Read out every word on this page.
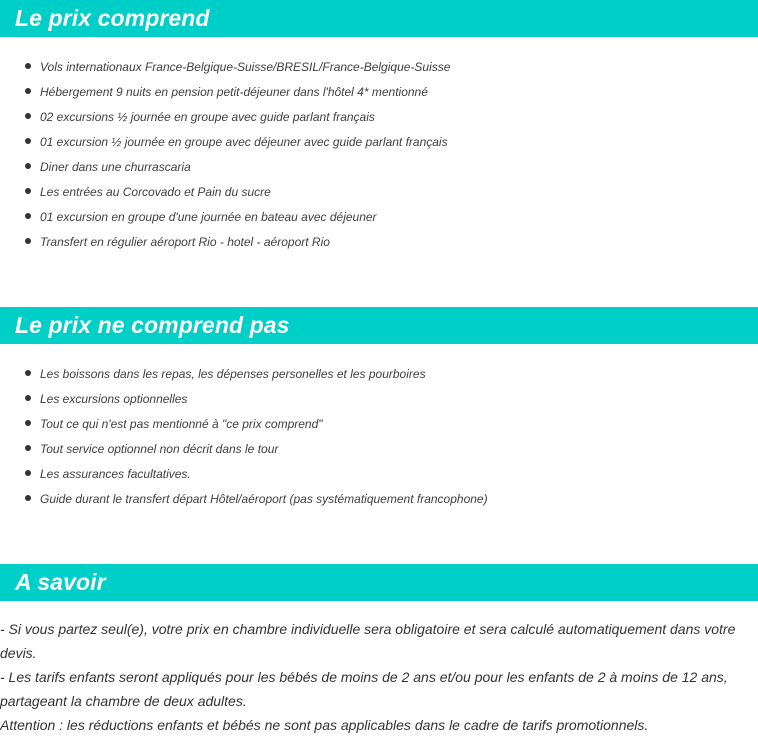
Le prix comprend
Vols internationaux France-Belgique-Suisse/BRESIL/France-Belgique-Suisse
Hébergement 9 nuits en pension petit-déjeuner dans l'hôtel 4* mentionné
02 excursions ½ journée en groupe avec guide parlant français
01 excursion ½ journée en groupe avec déjeuner avec guide parlant français
Diner dans une churrascaria
Les entrées au Corcovado et Pain du sucre
01 excursion en groupe d'une journée en bateau avec déjeuner
Transfert en régulier aéroport Rio - hotel - aéroport Rio
Le prix ne comprend pas
Les boissons dans les repas, les dépenses personelles et les pourboires
Les excursions optionnelles
Tout ce qui n'est pas mentionné à "ce prix comprend"
Tout service optionnel non décrit dans le tour
Les assurances facultatives.
Guide durant le transfert départ Hôtel/aéroport (pas systématiquement francophone)
A savoir

- Si vous partez seul(e), votre prix en chambre individuelle sera obligatoire et sera calculé automatiquement dans votre devis.

- Les tarifs enfants seront appliqués pour les bébés de moins de 2 ans et/ou pour les enfants de 2 à moins de 12 ans, partageant la chambre de deux adultes.

Attention : les réductions enfants et bébés ne sont pas applicables dans le cadre de tarifs promotionnels.
